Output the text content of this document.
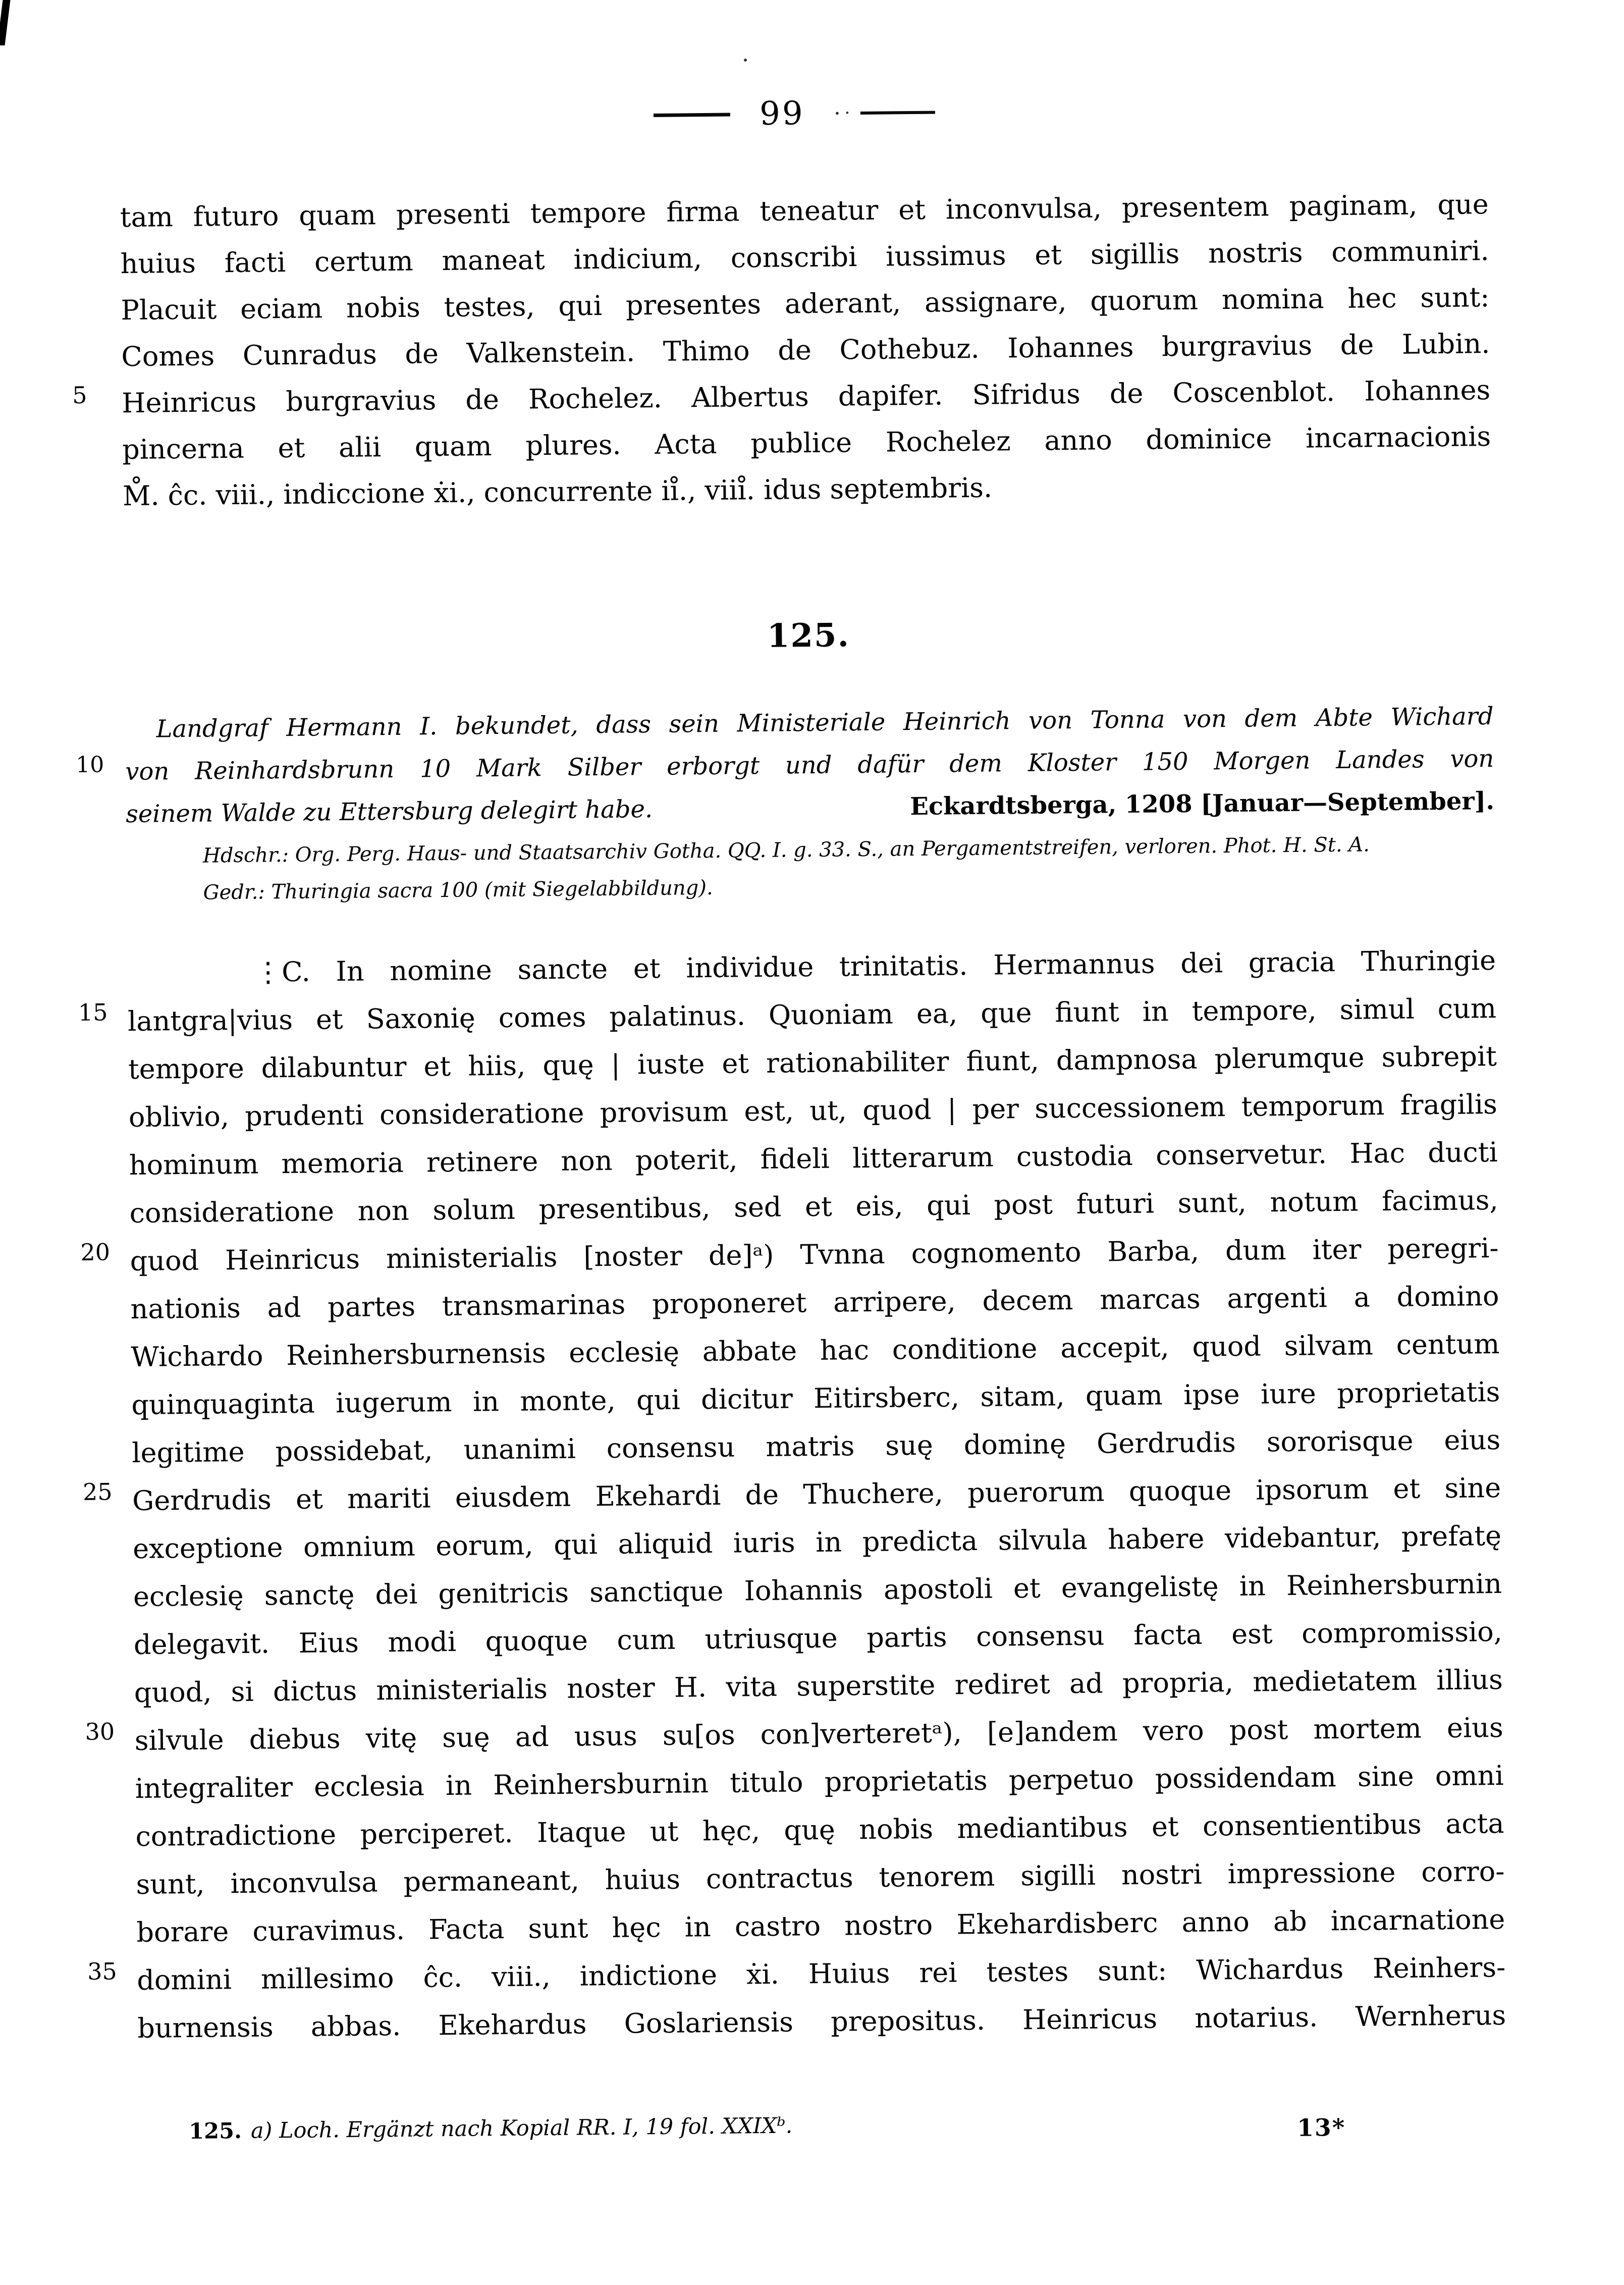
99
tam futuro quam presenti tempore firma teneatur et inconvulsa, presentem paginam, que
huius facti certum maneat indicium, conscribi iussimus et sigillis nostris communiri.
Placuit eciam nobis testes, qui presentes aderant, assignare, quorum nomina hec sunt:
Comes Cunradus de Valkenstein. Thimo de Cothebuz. Iohannes burgravius de Lubin.
5	Heinricus burgravius de Rochelez. Albertus dapifer. Sifridus de Coscenblot. Iohannes
pincerna et alii quam plures. Acta publice Rochelez anno dominice incarnacionis
M̊. ĉc. viii., indiccione ẋi., concurrente ii̊., viii̊. idus septembris.
125.
Landgraf Hermann I. bekundet, dass sein Ministeriale Heinrich von Tonna von dem Abte Wichard
10 von Reinhardsbrunn 10 Mark Silber erborgt und dafür dem Kloster 150 Morgen Landes von
seinem Walde zu Ettersburg delegirt habe.	Eckardtsberga, 1208 [Januar—September].
Hdschr.: Org. Perg. Haus- und Staatsarchiv Gotha. QQ. I. g. 33. S., an Pergamentstreifen, verloren. Phot. H. St. A.
Gedr.: Thuringia sacra 100 (mit Siegelabbildung).
⋮C. In nomine sancte et individue trinitatis. Hermannus dei gracia Thuringie
15 lantgra|vius et Saxonię comes palatinus. Quoniam ea, que fiunt in tempore, simul cum
tempore dilabuntur et hiis, quę | iuste et rationabiliter fiunt, dampnosa plerumque subrepit
oblivio, prudenti consideratione provisum est, ut, quod | per successionem temporum fragilis
hominum memoria retinere non poterit, fideli litterarum custodia conservetur. Hac ducti
consideratione non solum presentibus, sed et eis, qui post futuri sunt, notum facimus,
20 quod Heinricus ministerialis [noster de]ᵃ) Tvnna cognomento Barba, dum iter peregri-
nationis ad partes transmarinas proponeret arripere, decem marcas argenti a domino
Wichardo Reinhersburnensis ecclesię abbate hac conditione accepit, quod silvam centum
quinquaginta iugerum in monte, qui dicitur Eitirsberc, sitam, quam ipse iure proprietatis
legitime possidebat, unanimi consensu matris suę dominę Gerdrudis sororisque eius
25 Gerdrudis et mariti eiusdem Ekehardi de Thuchere, puerorum quoque ipsorum et sine
exceptione omnium eorum, qui aliquid iuris in predicta silvula habere videbantur, prefatę
ecclesię sanctę dei genitricis sanctique Iohannis apostoli et evangelistę in Reinhersburnin
delegavit. Eius modi quoque cum utriusque partis consensu facta est compromissio,
quod, si dictus ministerialis noster H. vita superstite rediret ad propria, medietatem illius
30 silvule diebus vitę suę ad usus su[os con]verteretᵃ), [e]andem vero post mortem eius
integraliter ecclesia in Reinhersburnin titulo proprietatis perpetuo possidendam sine omni
contradictione perciperet. Itaque ut hęc, quę nobis mediantibus et consentientibus acta
sunt, inconvulsa permaneant, huius contractus tenorem sigilli nostri impressione corro-
borare curavimus. Facta sunt hęc in castro nostro Ekehardisberc anno ab incarnatione
35 domini millesimo ĉc. viii., indictione ẋi. Huius rei testes sunt: Wichardus Reinhers-
burnensis abbas. Ekehardus Goslariensis prepositus. Heinricus notarius. Wernherus
125. a) Loch. Ergänzt nach Kopial RR. I, 19 fol. XXIXᵇ.	13*
